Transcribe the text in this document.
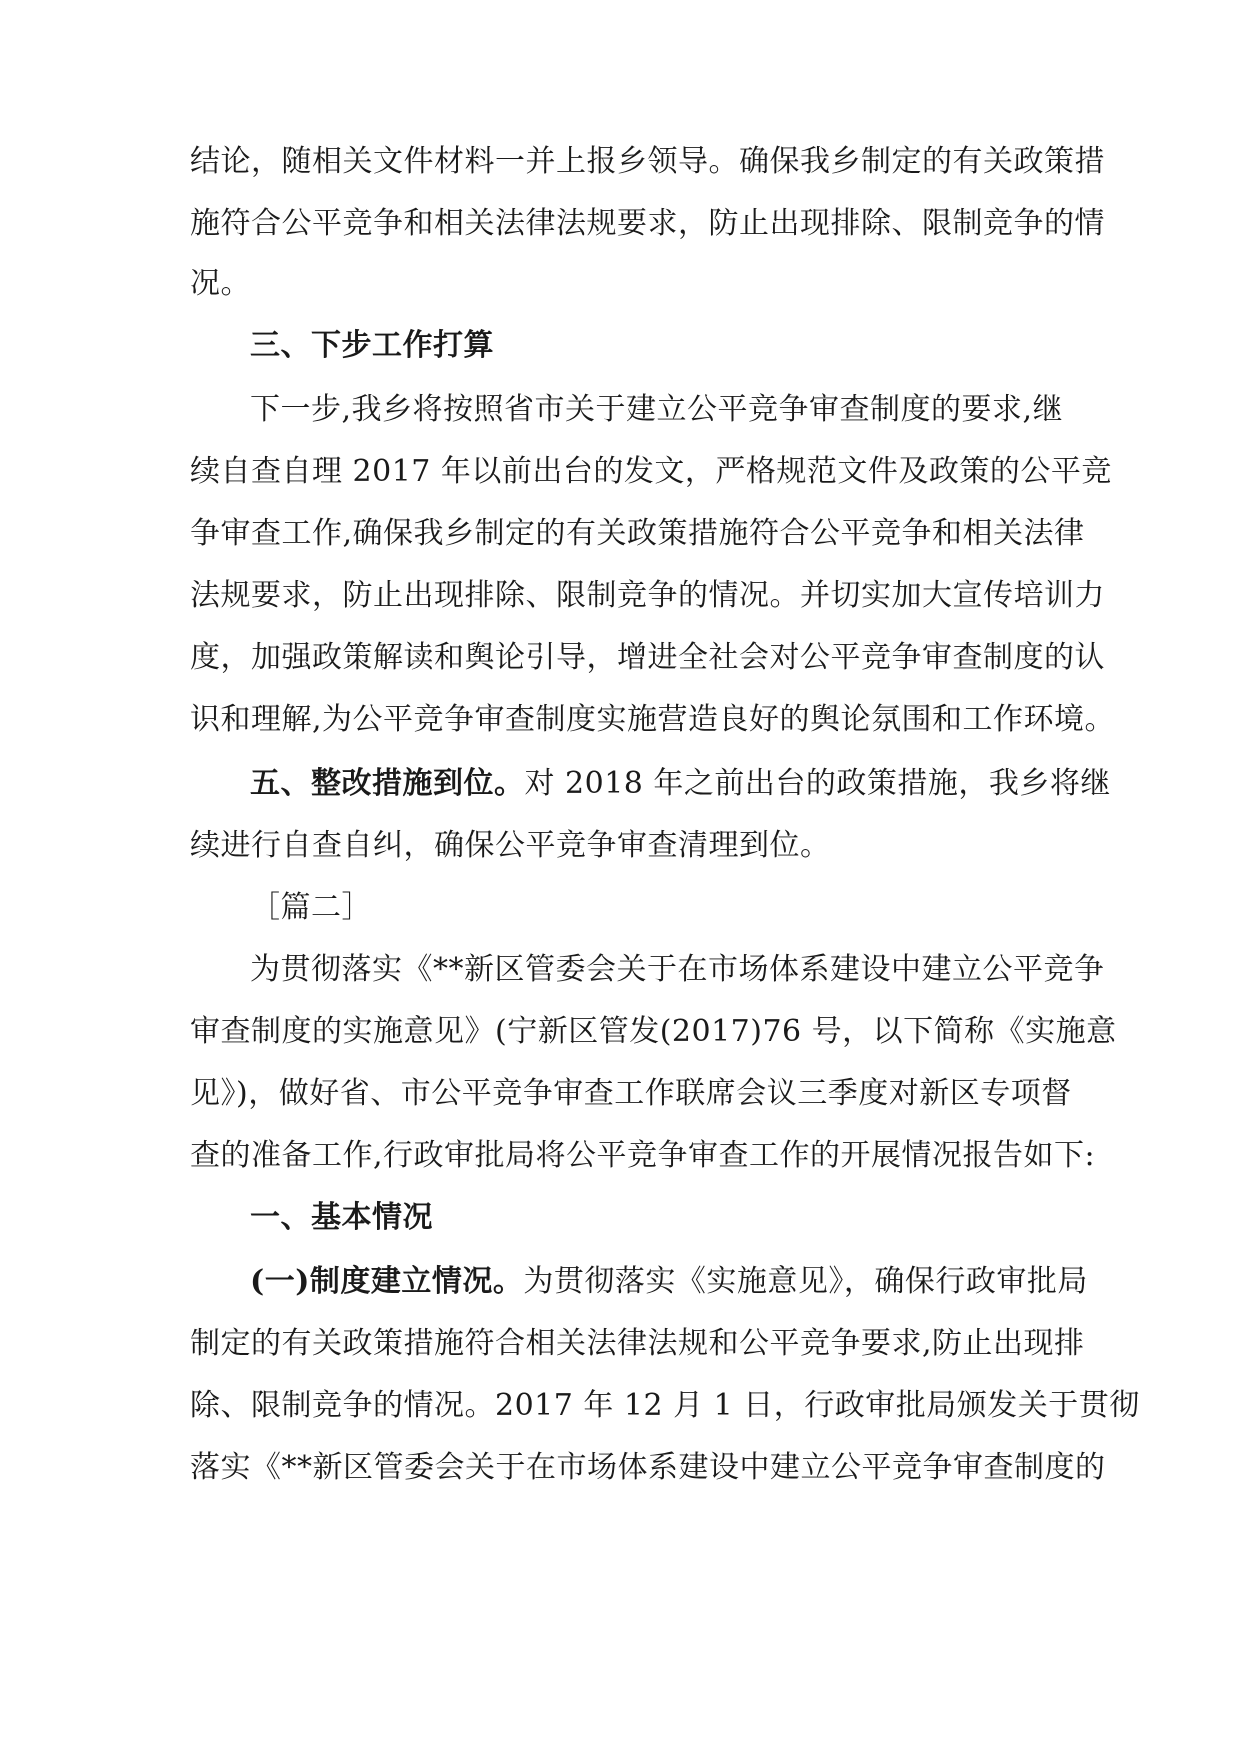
结论，随相关文件材料一并上报乡领导。确保我乡制定的有关政策措
施符合公平竞争和相关法律法规要求，防止出现排除、限制竞争的情
况。
三、下步工作打算
下一步,我乡将按照省市关于建立公平竞争审查制度的要求,继
续自查自理 2017 年以前出台的发文，严格规范文件及政策的公平竞
争审查工作,确保我乡制定的有关政策措施符合公平竞争和相关法律
法规要求，防止出现排除、限制竞争的情况。并切实加大宣传培训力
度，加强政策解读和舆论引导，增进全社会对公平竞争审查制度的认
识和理解,为公平竞争审查制度实施营造良好的舆论氛围和工作环境。
五、整改措施到位。 对 2018 年之前出台的政策措施，我乡将继
续进行自查自纠，确保公平竞争审查清理到位。
［篇二］
为贯彻落实《**新区管委会关于在市场体系建设中建立公平竞争
审查制度的实施意见》(宁新区管发(2017)76 号，以下简称《实施意
见》)，做好省、市公平竞争审查工作联席会议三季度对新区专项督
查的准备工作,行政审批局将公平竞争审查工作的开展情况报告如下:
一、基本情况
(一)制度建立情况。 为贯彻落实《实施意见》，确保行政审批局
制定的有关政策措施符合相关法律法规和公平竞争要求,防止出现排
除、限制竞争的情况。2017 年 12 月 1 日，行政审批局颁发关于贯彻
落实《**新区管委会关于在市场体系建设中建立公平竞争审查制度的
